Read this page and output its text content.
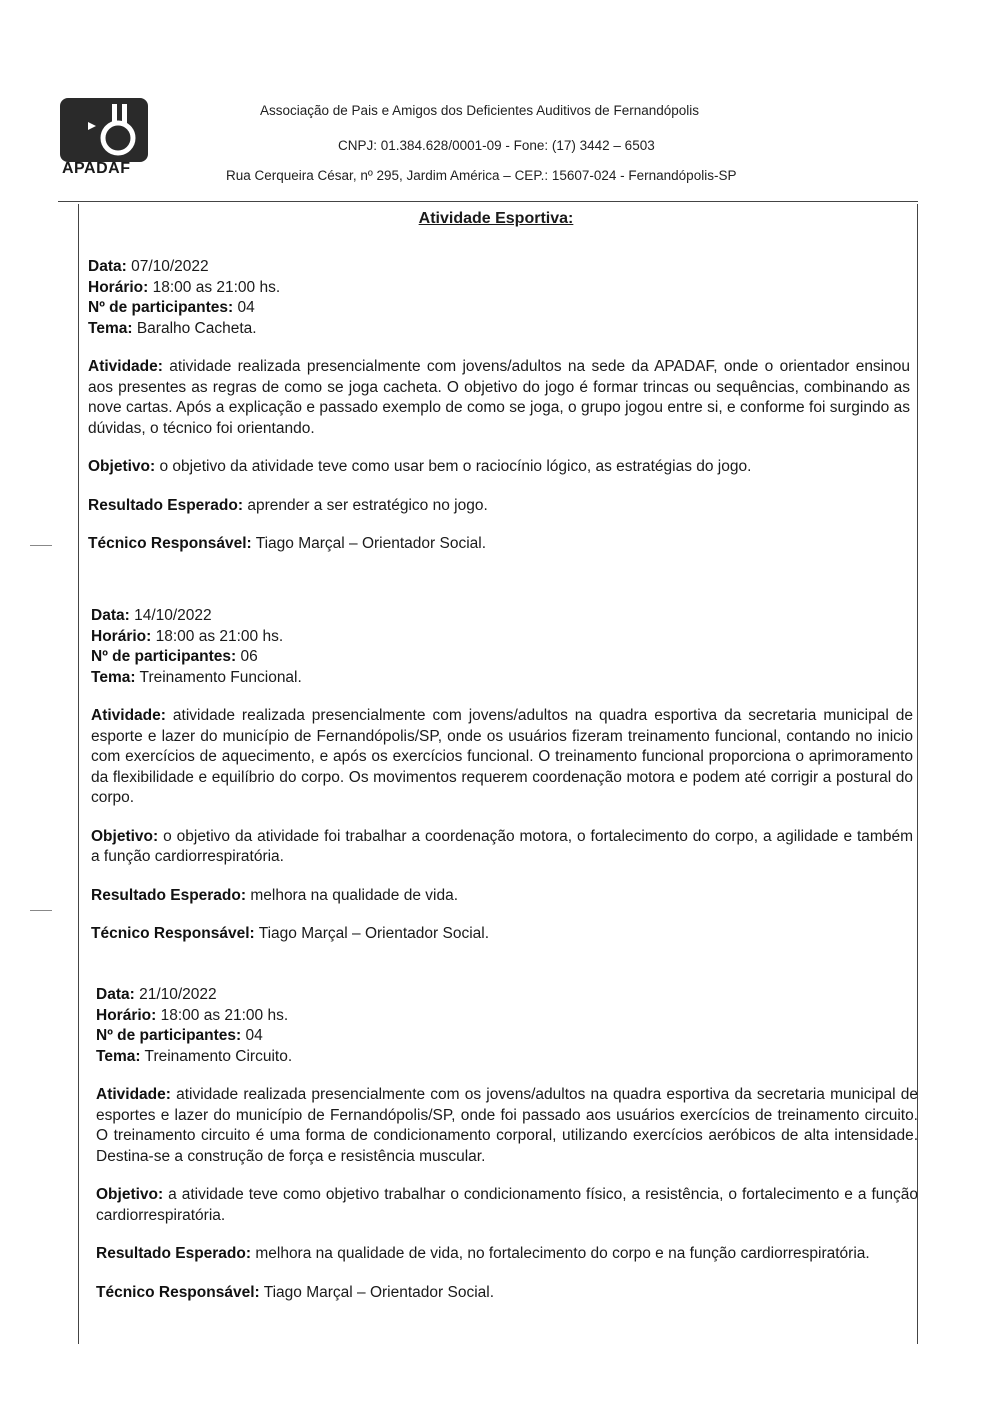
APADAF
Associação de Pais e Amigos dos Deficientes Auditivos de Fernandópolis
CNPJ: 01.384.628/0001-09 - Fone: (17) 3442 – 6503
Rua Cerqueira César, nº 295, Jardim América – CEP.: 15607-024 - Fernandópolis-SP
Atividade Esportiva:

Data: 07/10/2022

Horário: 18:00 as 21:00 hs.

Nº de participantes: 04

Tema: Baralho Cacheta.

Atividade: atividade realizada presencialmente com jovens/adultos na sede da APADAF, onde o orientador ensinou aos presentes as regras de como se joga cacheta. O objetivo do jogo é formar trincas ou sequências, combinando as nove cartas. Após a explicação e passado exemplo de como se joga, o grupo jogou entre si, e conforme foi surgindo as dúvidas, o técnico foi orientando.

Objetivo: o objetivo da atividade teve como usar bem o raciocínio lógico, as estratégias do jogo.

Resultado Esperado: aprender a ser estratégico no jogo.

Técnico Responsável: Tiago Marçal – Orientador Social.

Data: 14/10/2022

Horário: 18:00 as 21:00 hs.

Nº de participantes: 06

Tema: Treinamento Funcional.

Atividade: atividade realizada presencialmente com jovens/adultos na quadra esportiva da secretaria municipal de esporte e lazer do município de Fernandópolis/SP, onde os usuários fizeram treinamento funcional, contando no inicio com exercícios de aquecimento, e após os exercícios funcional. O treinamento funcional proporciona o aprimoramento da flexibilidade e equilíbrio do corpo. Os movimentos requerem coordenação motora e podem até corrigir a postural do corpo.

Objetivo: o objetivo da atividade foi trabalhar a coordenação motora, o fortalecimento do corpo, a agilidade e também a função cardiorrespiratória.

Resultado Esperado: melhora na qualidade de vida.

Técnico Responsável: Tiago Marçal – Orientador Social.

Data: 21/10/2022

Horário: 18:00 as 21:00 hs.

Nº de participantes: 04

Tema: Treinamento Circuito.

Atividade: atividade realizada presencialmente com os jovens/adultos na quadra esportiva da secretaria municipal de esportes e lazer do município de Fernandópolis/SP, onde foi passado aos usuários exercícios de treinamento circuito. O treinamento circuito é uma forma de condicionamento corporal, utilizando exercícios aeróbicos de alta intensidade. Destina-se a construção de força e resistência muscular.

Objetivo: a atividade teve como objetivo trabalhar o condicionamento físico, a resistência, o fortalecimento e a função cardiorrespiratória.

Resultado Esperado: melhora na qualidade de vida, no fortalecimento do corpo e na função cardiorrespiratória.

Técnico Responsável: Tiago Marçal – Orientador Social.
